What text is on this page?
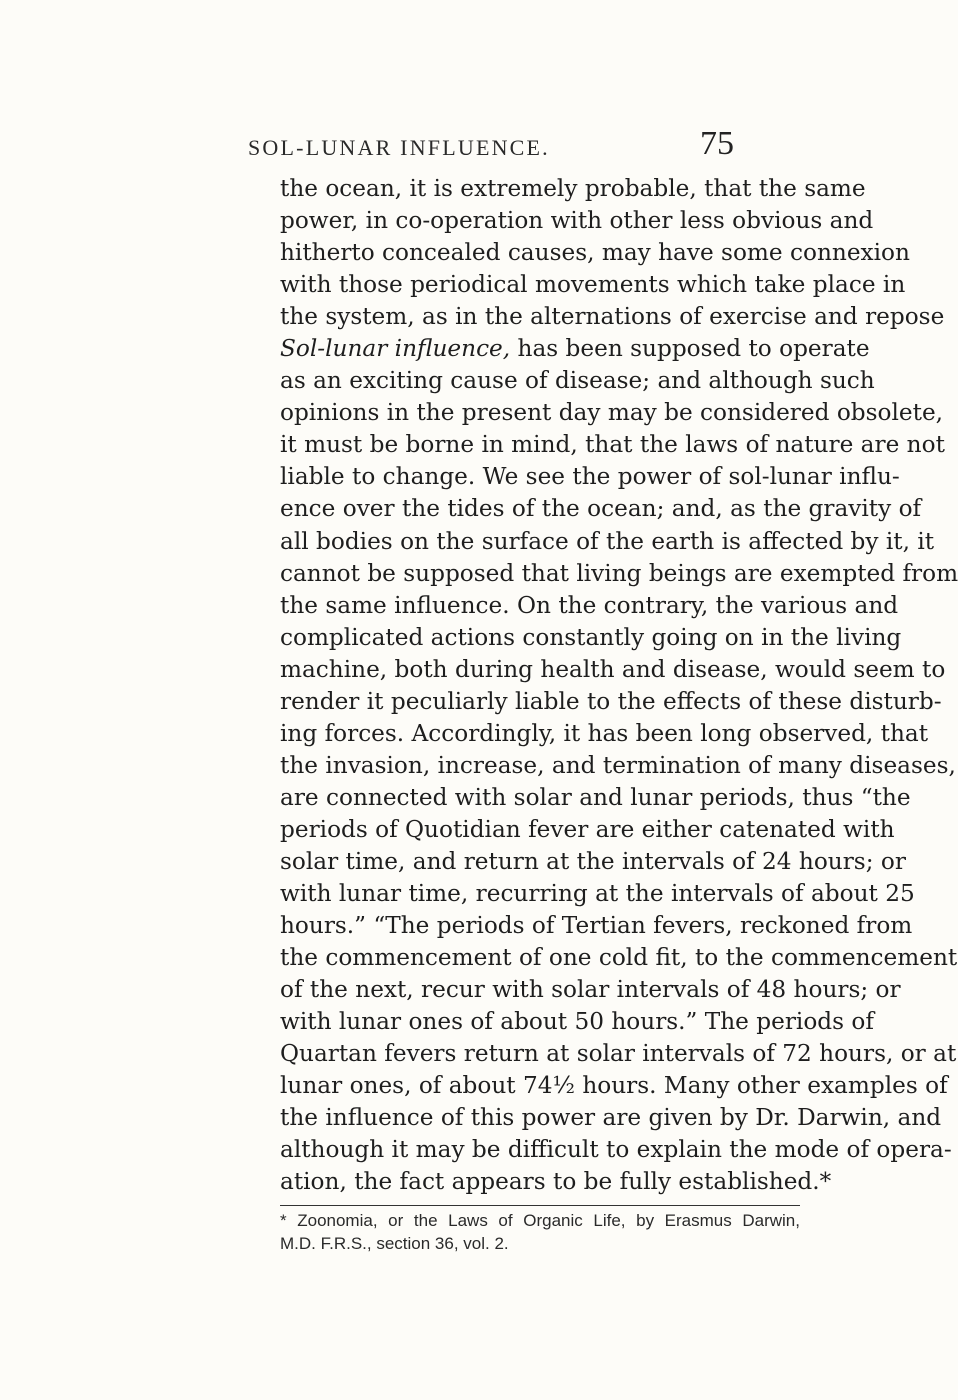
SOL-LUNAR INFLUENCE.	75
the ocean, it is extremely probable, that the same
power, in co-operation with other less obvious and
hitherto concealed causes, may have some connexion
with those periodical movements which take place in
the system, as in the alternations of exercise and repose
Sol-lunar influence, has been supposed to operate
as an exciting cause of disease; and although such
opinions in the present day may be considered obsolete,
it must be borne in mind, that the laws of nature are not
liable to change. We see the power of sol-lunar influ-
ence over the tides of the ocean; and, as the gravity of
all bodies on the surface of the earth is affected by it, it
cannot be supposed that living beings are exempted from
the same influence. On the contrary, the various and
complicated actions constantly going on in the living
machine, both during health and disease, would seem to
render it peculiarly liable to the effects of these disturb-
ing forces. Accordingly, it has been long observed, that
the invasion, increase, and termination of many diseases,
are connected with solar and lunar periods, thus “the
periods of Quotidian fever are either catenated with
solar time, and return at the intervals of 24 hours; or
with lunar time, recurring at the intervals of about 25
hours.” “The periods of Tertian fevers, reckoned from
the commencement of one cold fit, to the commencement
of the next, recur with solar intervals of 48 hours; or
with lunar ones of about 50 hours.” The periods of
Quartan fevers return at solar intervals of 72 hours, or at
lunar ones, of about 74½ hours. Many other examples of
the influence of this power are given by Dr. Darwin, and
although it may be difficult to explain the mode of opera-
ation, the fact appears to be fully established.*
* Zoonomia, or the Laws of Organic Life, by Erasmus Darwin,
M.D. F.R.S., section 36, vol. 2.
